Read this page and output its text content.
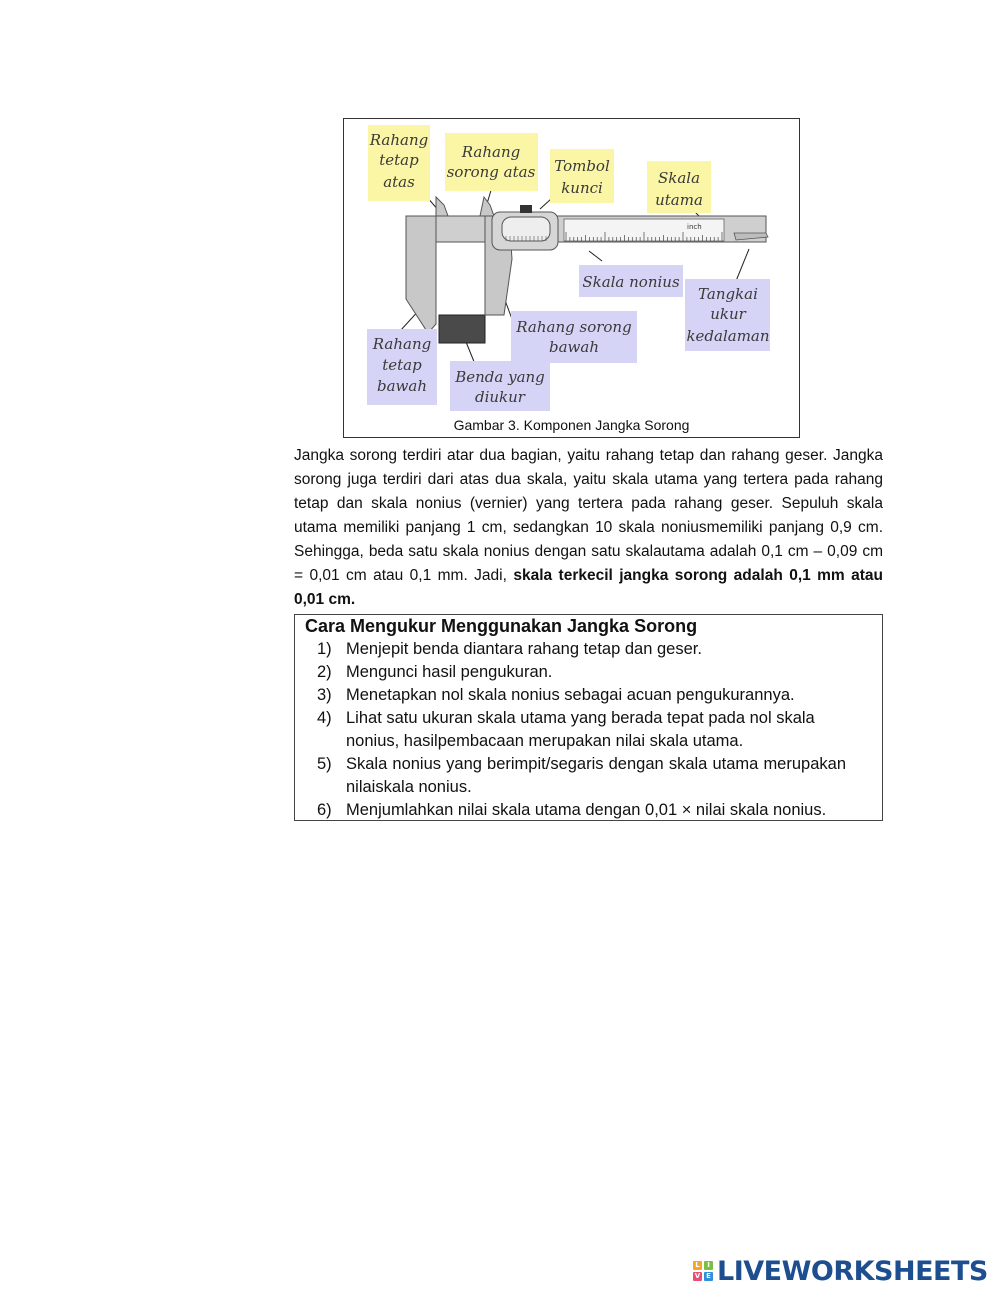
inch
Rahang
tetap
atas
Rahang
sorong atas Tombol
kunci
Skala
utama
Skala nonius
Tangkai
ukur
kedalaman
Rahang sorong
bawah
Rahang
tetap
bawah Benda yang
diukur
Gambar 3. Komponen Jangka Sorong

Jangka sorong terdiri atar dua bagian, yaitu rahang tetap dan rahang geser. Jangka sorong juga terdiri dari atas dua skala, yaitu skala utama yang tertera pada rahang tetap dan skala nonius (vernier) yang tertera pada rahang geser. Sepuluh skala utama memiliki panjang 1 cm, sedangkan 10 skala noniusmemiliki panjang 0,9 cm. Sehingga, beda satu skala nonius dengan satu skalautama adalah 0,1 cm – 0,09 cm = 0,01 cm atau 0,1 mm. Jadi, skala terkecil jangka sorong adalah 0,1 mm atau 0,01 cm.

Cara Mengukur Menggunakan Jangka Sorong
1) Menjepit benda diantara rahang tetap dan geser.
2) Mengunci hasil pengukuran.
3) Menetapkan nol skala nonius sebagai acuan pengukurannya.
4) Lihat satu ukuran skala utama yang berada tepat pada nol skala nonius, hasilpembacaan merupakan nilai skala utama.
5) Skala nonius yang berimpit/segaris dengan skala utama merupakan nilaiskala nonius.
6) Menjumlahkan nilai skala utama dengan 0,01 × nilai skala nonius.
L	I
V E LIVEWORKSHEETS
